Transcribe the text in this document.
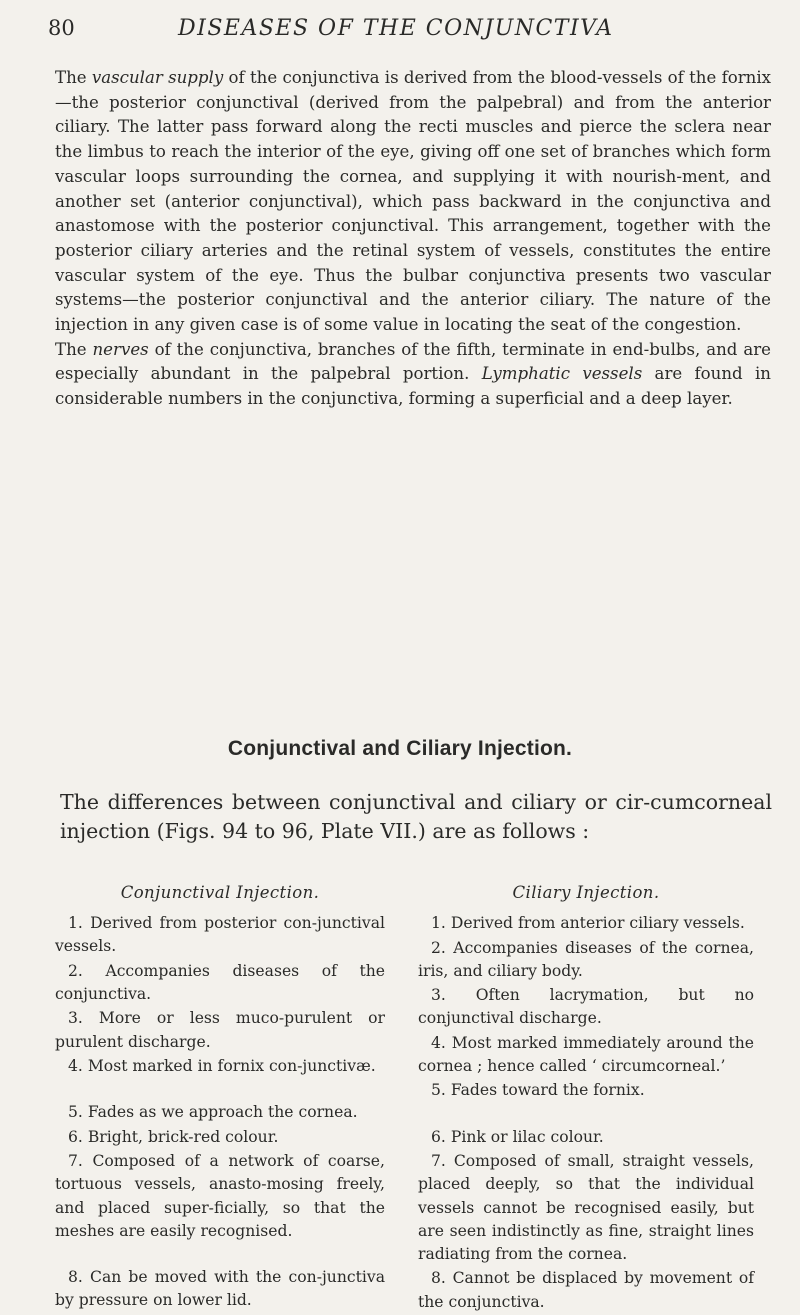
80	DISEASES OF THE CONJUNCTIVA

The vascular supply of the conjunctiva is derived from the blood-vessels of the fornix—the posterior conjunctival (derived from the palpebral) and from the anterior ciliary. The latter pass forward along the recti muscles and pierce the sclera near the limbus to reach the interior of the eye, giving off one set of branches which form vascular loops surrounding the cornea, and supplying it with nourish-ment, and another set (anterior conjunctival), which pass backward in the conjunctiva and anastomose with the posterior conjunctival. This arrangement, together with the posterior ciliary arteries and the retinal system of vessels, constitutes the entire vascular system of the eye. Thus the bulbar conjunctiva presents two vascular systems—the posterior conjunctival and the anterior ciliary. The nature of the injection in any given case is of some value in locating the seat of the congestion.

The nerves of the conjunctiva, branches of the fifth, terminate in end-bulbs, and are especially abundant in the palpebral portion. Lymphatic vessels are found in considerable numbers in the conjunctiva, forming a superficial and a deep layer.

Conjunctival and Ciliary Injection.
The differences between conjunctival and ciliary or cir-cumcorneal injection (Figs. 94 to 96, Plate VII.) are as follows :
Conjunctival Injection.
1. Derived from posterior con-junctival vessels.
2. Accompanies diseases of the conjunctiva.
3. More or less muco-purulent or purulent discharge.
4. Most marked in fornix con-junctivæ.
5. Fades as we approach the cornea.
6. Bright, brick-red colour.
7. Composed of a network of coarse, tortuous vessels, anasto-mosing freely, and placed super-ficially, so that the meshes are easily recognised.
8. Can be moved with the con-junctiva by pressure on lower lid.
Ciliary Injection.
1. Derived from anterior ciliary vessels.
2. Accompanies diseases of the cornea, iris, and ciliary body.
3. Often lacrymation, but no conjunctival discharge.
4. Most marked immediately around the cornea ; hence called ‘ circumcorneal.’
5. Fades toward the fornix.
6. Pink or lilac colour.
7. Composed of small, straight vessels, placed deeply, so that the individual vessels cannot be recognised easily, but are seen indistinctly as fine, straight lines radiating from the cornea.
8. Cannot be displaced by movement of the conjunctiva.
